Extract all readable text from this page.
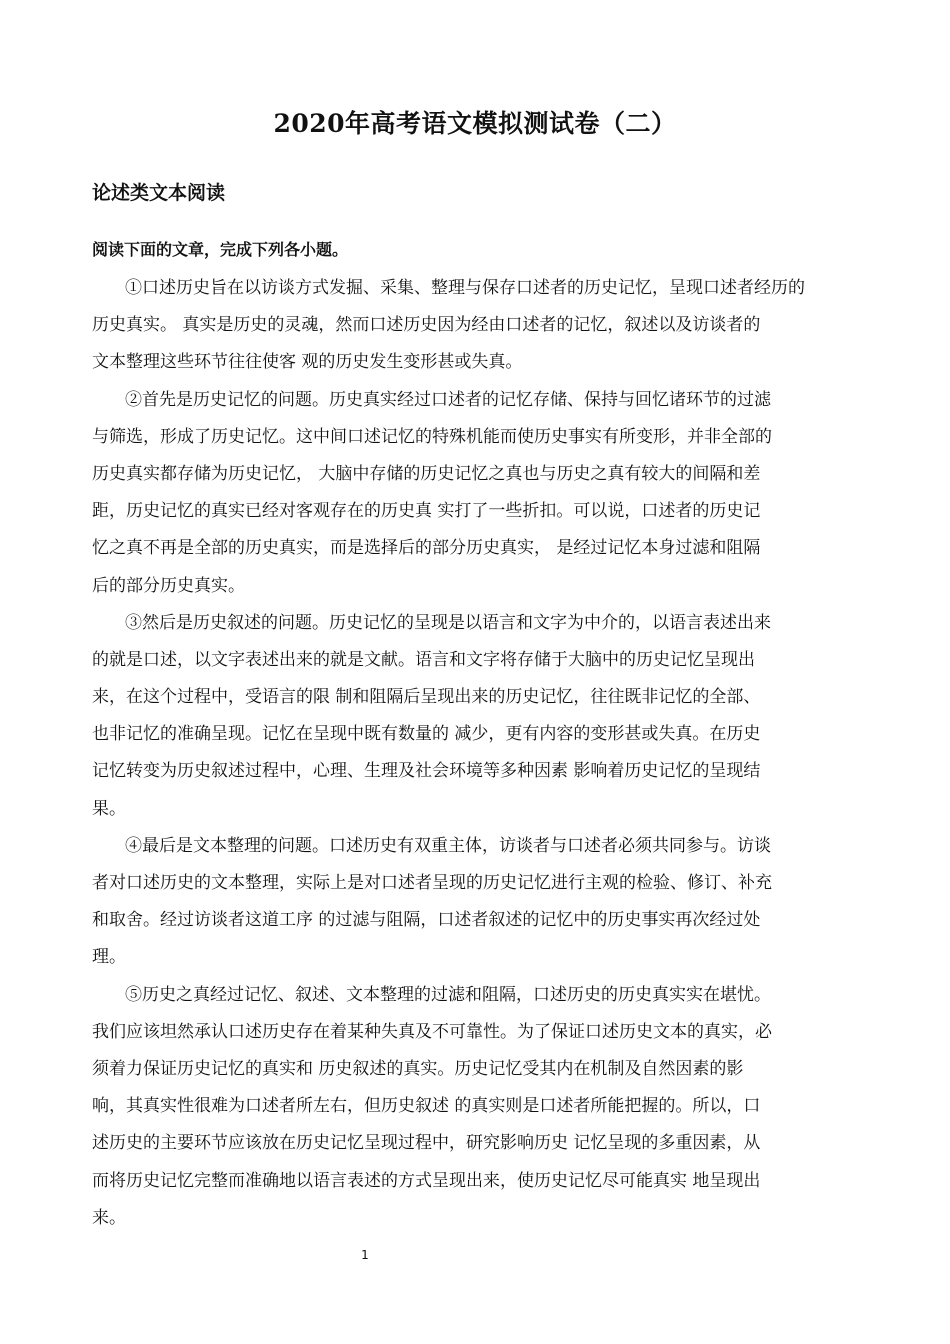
2020年高考语文模拟测试卷（二）
论述类文本阅读
阅读下面的文章，完成下列各小题。
①口述历史旨在以访谈方式发掘、采集、整理与保存口述者的历史记忆，呈现口述者经历的
历史真实。 真实是历史的灵魂，然而口述历史因为经由口述者的记忆，叙述以及访谈者的
文本整理这些环节往往使客 观的历史发生变形甚或失真。
②首先是历史记忆的问题。历史真实经过口述者的记忆存储、保持与回忆诸环节的过滤
与筛选，形成了历史记忆。这中间口述记忆的特殊机能而使历史事实有所变形，并非全部的
历史真实都存储为历史记忆， 大脑中存储的历史记忆之真也与历史之真有较大的间隔和差
距，历史记忆的真实已经对客观存在的历史真 实打了一些折扣。可以说，口述者的历史记
忆之真不再是全部的历史真实，而是选择后的部分历史真实， 是经过记忆本身过滤和阻隔
后的部分历史真实。
③然后是历史叙述的问题。历史记忆的呈现是以语言和文字为中介的，以语言表述出来
的就是口述，以文字表述出来的就是文献。语言和文字将存储于大脑中的历史记忆呈现出
来，在这个过程中，受语言的限 制和阻隔后呈现出来的历史记忆，往往既非记忆的全部、
也非记忆的准确呈现。记忆在呈现中既有数量的 减少，更有内容的变形甚或失真。在历史
记忆转变为历史叙述过程中，心理、生理及社会环境等多种因素 影响着历史记忆的呈现结
果。
④最后是文本整理的问题。口述历史有双重主体，访谈者与口述者必须共同参与。访谈
者对口述历史的文本整理，实际上是对口述者呈现的历史记忆进行主观的检验、修订、补充
和取舍。经过访谈者这道工序 的过滤与阻隔，口述者叙述的记忆中的历史事实再次经过处
理。
⑤历史之真经过记忆、叙述、文本整理的过滤和阻隔，口述历史的历史真实实在堪忧。
我们应该坦然承认口述历史存在着某种失真及不可靠性。为了保证口述历史文本的真实，必
须着力保证历史记忆的真实和 历史叙述的真实。历史记忆受其内在机制及自然因素的影
响，其真实性很难为口述者所左右，但历史叙述 的真实则是口述者所能把握的。所以，口
述历史的主要环节应该放在历史记忆呈现过程中，研究影响历史 记忆呈现的多重因素，从
而将历史记忆完整而准确地以语言表述的方式呈现出来，使历史记忆尽可能真实 地呈现出
来。
1
